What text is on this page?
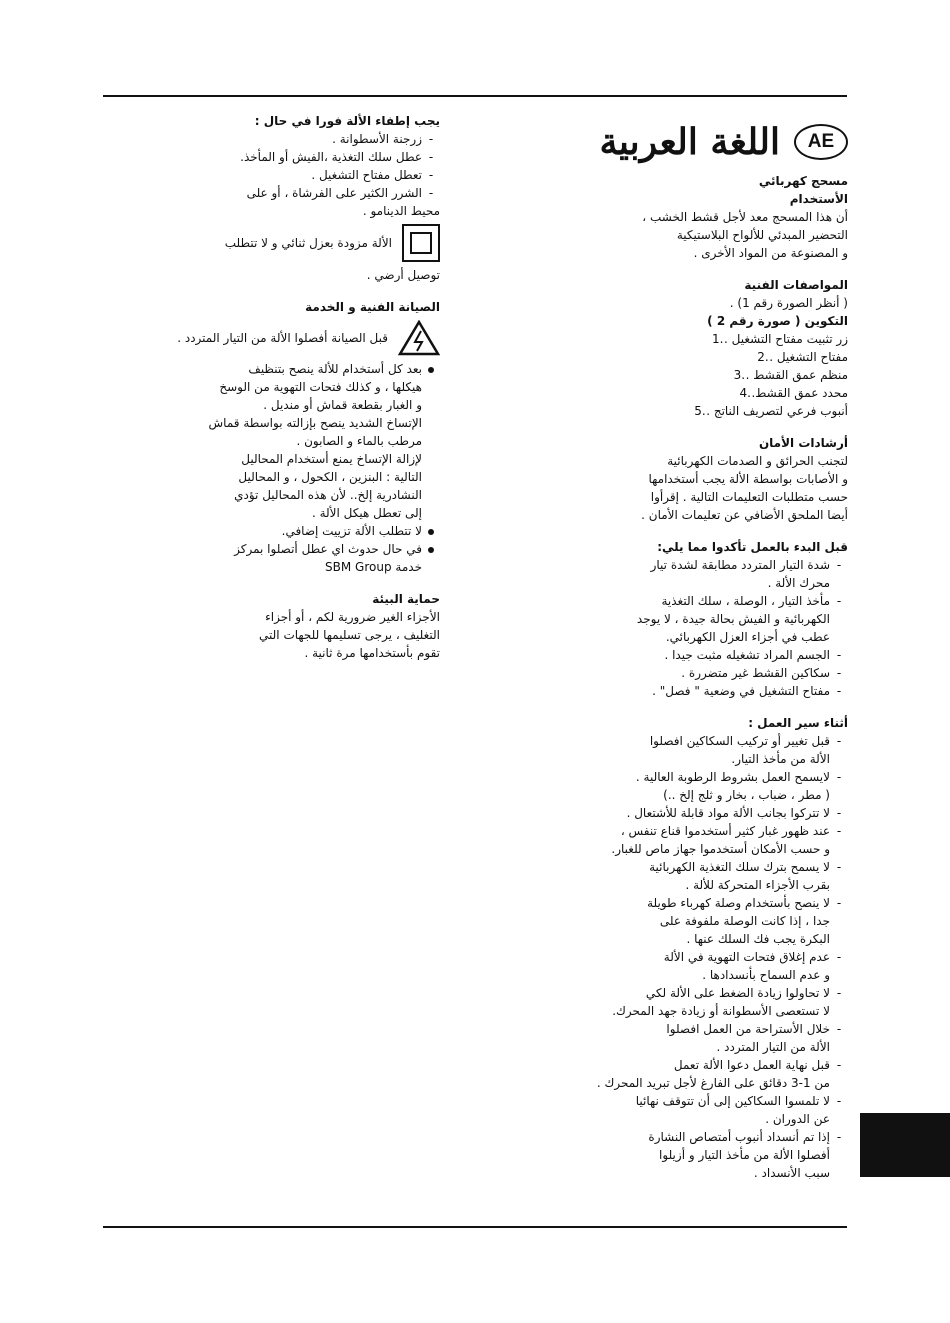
AE
اللغة العربية
مسحج كهربائي
الأستخدام
أن هذا المسحج معد لأجل قشط الخشب ،
التحضير المبدئي للألواح البلاستيكية
و المصنوعة من المواد الأخرى .
المواصفات الفنية
( أنظر الصورة رقم 1) .
التكوين ( صورة رقم 2 )
زر تثبيت مفتاح التشغيل .
1.
مفتاح التشغيل .
2.
منظم عمق القشط .
3.
محدد عمق القشط.
4.
أنبوب فرعي لتصريف الناتج .
5.
أرشادات الأمان
لتجنب الحرائق و الصدمات الكهربائية
و الأصابات بواسطة الألة يجب أستخدامها
حسب متطلبات التعليمات التالية . إقرأوا
أيضا الملحق الأضافي عن تعليمات الأمان .
قبل البدء بالعمل تأكدوا مما يلي:
-
شدة التيار المتردد مطابقة لشدة تيار
محرك الألة .
-
مأخذ التيار ، الوصلة ، سلك التغذية
الكهربائية و الفيش بحالة جيدة ، لا يوجد
عطب في أجزاء العزل الكهربائي.
-
الجسم المراد تشغيله مثبت جيدا .
-
سكاكين القشط غير متضررة .
-
مفتاح التشغيل في وضعية " فصل" .
أثناء سير العمل :
-
قبل تغيير أو تركيب السكاكين افصلوا
الألة من مأخذ التيار.
-
لايسمح العمل بشروط الرطوبة العالية .
( مطر ، ضباب ، بخار و ثلج إلخ ..)
-
لا تتركوا بجانب الألة مواد قابلة للأشتعال .
-
عند ظهور غبار كثير أستخدموا قناع تنفس ،
و حسب الأمكان أستخدموا جهاز ماص للغبار.
-
لا يسمح بترك سلك التغذية الكهربائية
بقرب الأجزاء المتحركة للألة .
-
لا ينصح بأستخدام وصلة كهرباء طويلة
جدا ، إذا كانت الوصلة ملفوفة على
البكرة يجب فك السلك عنها .
-
عدم إغلاق فتحات التهوية في الألة
و عدم السماح بأنسدادها .
-
لا تحاولوا زيادة الضغط على الألة لكي
لا تستعصى الأسطوانة أو زيادة جهد المحرك.
-
خلال الأستراحة من العمل افصلوا
الألة من التيار المتردد .
-
قبل نهاية العمل دعوا الألة تعمل
من 1-3 دقائق على الفارغ لأجل تبريد المحرك .
-
لا تلمسوا السكاكين إلى أن تتوقف نهائيا
عن الدوران .
-
إذا تم أنسداد أنبوب أمتصاص النشارة
أفصلوا الألة من مأخذ التيار و أزيلوا
سبب الأنسداد .
يجب إطفاء الألة فورا في حال :
-
زرجنة الأسطوانة .
-
عطل سلك التغذية ،الفيش أو المأخذ.
-
تعطل مفتاح التشغيل .
-
الشرر الكثير على الفرشاة ، أو على
محيط الدينامو .
الألة مزودة بعزل ثنائي و لا تتطلب
توصيل أرضي .
الصيانة الفنية و الخدمة
قبل الصيانة أفصلوا الألة من التيار المتردد .
بعد كل أستخدام للألة ينصح بتنظيف
هيكلها ، و كذلك فتحات التهوية من الوسخ
و الغبار بقطعة قماش أو منديل .
الإتساخ الشديد ينصح بإزالته بواسطة قماش
مرطب بالماء و الصابون .
لإزالة الإتساخ يمنع أستخدام المحاليل
التالية : البنزين ، الكحول ، و المحاليل
النشادرية إلخ.. لأن هذه المحاليل تؤدي
إلى تعطل هيكل الألة .
لا تتطلب الألة تزييت إضافي.
في حال حدوث اي عطل أتصلوا بمركز
خدمة SBM Group
حماية البيئة
الأجزاء الغير ضرورية لكم ، أو أجزاء
التغليف ، يرجى تسليمها للجهات التي
تقوم بأستخدامها مرة ثانية .
